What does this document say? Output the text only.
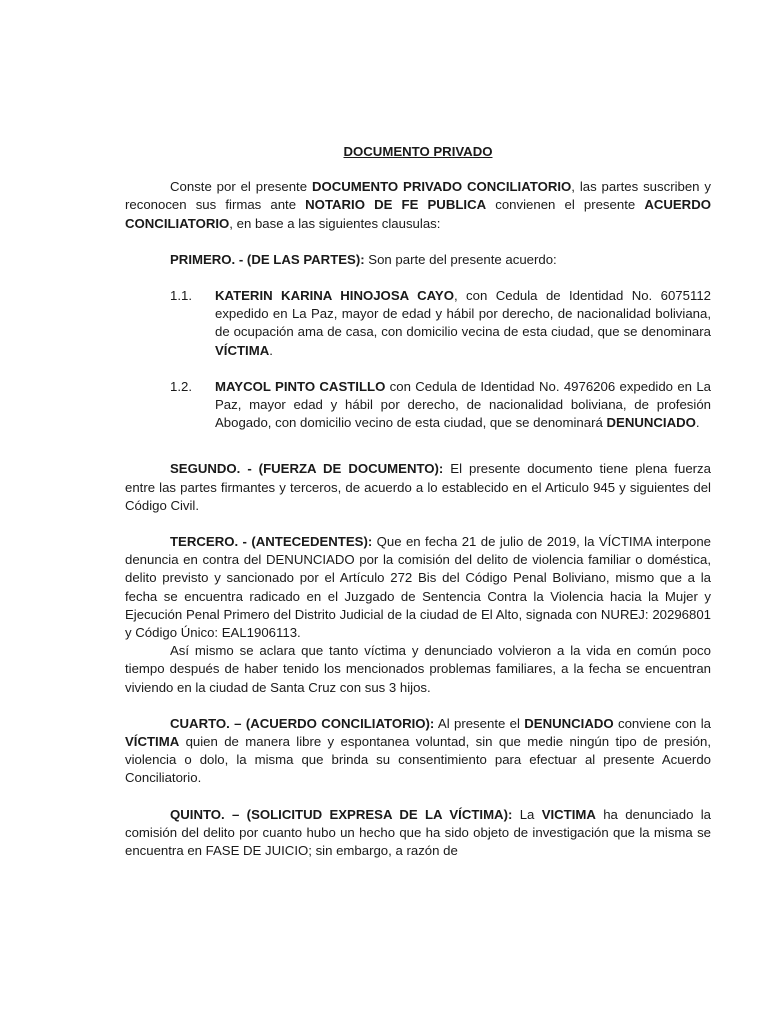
DOCUMENTO PRIVADO

Conste por el presente DOCUMENTO PRIVADO CONCILIATORIO, las partes suscriben y reconocen sus firmas ante NOTARIO DE FE PUBLICA convienen el presente ACUERDO CONCILIATORIO, en base a las siguientes clausulas:

PRIMERO. - (DE LAS PARTES): Son parte del presente acuerdo:

1.1.	KATERIN KARINA HINOJOSA CAYO, con Cedula de Identidad No. 6075112 expedido en La Paz, mayor de edad y hábil por derecho, de nacionalidad boliviana, de ocupación ama de casa, con domicilio vecina de esta ciudad, que se denominara VÍCTIMA.
1.2.	MAYCOL PINTO CASTILLO con Cedula de Identidad No. 4976206 expedido en La Paz, mayor edad y hábil por derecho, de nacionalidad boliviana, de profesión Abogado, con domicilio vecino de esta ciudad, que se denominará DENUNCIADO.

SEGUNDO. - (FUERZA DE DOCUMENTO): El presente documento tiene plena fuerza entre las partes firmantes y terceros, de acuerdo a lo establecido en el Articulo 945 y siguientes del Código Civil.

TERCERO. - (ANTECEDENTES): Que en fecha 21 de julio de 2019, la VÍCTIMA interpone denuncia en contra del DENUNCIADO por la comisión del delito de violencia familiar o doméstica, delito previsto y sancionado por el Artículo 272 Bis del Código Penal Boliviano, mismo que a la fecha se encuentra radicado en el Juzgado de Sentencia Contra la Violencia hacia la Mujer y Ejecución Penal Primero del Distrito Judicial de la ciudad de El Alto, signada con NUREJ: 20296801 y Código Único: EAL1906113.

Así mismo se aclara que tanto víctima y denunciado volvieron a la vida en común poco tiempo después de haber tenido los mencionados problemas familiares, a la fecha se encuentran viviendo en la ciudad de Santa Cruz con sus 3 hijos.

CUARTO. – (ACUERDO CONCILIATORIO): Al presente el DENUNCIADO conviene con la VÍCTIMA quien de manera libre y espontanea voluntad, sin que medie ningún tipo de presión, violencia o dolo, la misma que brinda su consentimiento para efectuar al presente Acuerdo Conciliatorio.

QUINTO. – (SOLICITUD EXPRESA DE LA VÍCTIMA): La VICTIMA ha denunciado la comisión del delito por cuanto hubo un hecho que ha sido objeto de investigación que la misma se encuentra en FASE DE JUICIO; sin embargo, a razón de
